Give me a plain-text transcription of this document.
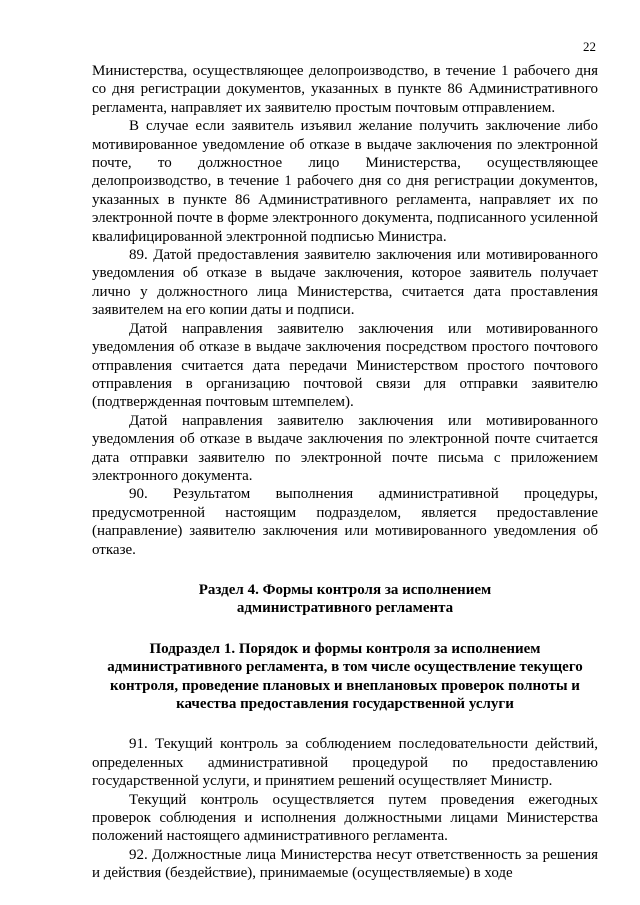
22

Министерства, осуществляющее делопроизводство, в течение 1 рабочего дня со дня регистрации документов, указанных в пункте 86 Административного регламента, направляет их заявителю простым почтовым отправлением.

В случае если заявитель изъявил желание получить заключение либо мотивированное уведомление об отказе в выдаче заключения по электронной почте, то должностное лицо Министерства, осуществляющее делопроизводство, в течение 1 рабочего дня со дня регистрации документов, указанных в пункте 86 Административного регламента, направляет их по электронной почте в форме электронного документа, подписанного усиленной квалифицированной электронной подписью Министра.

89. Датой предоставления заявителю заключения или мотивированного уведомления об отказе в выдаче заключения, которое заявитель получает лично у должностного лица Министерства, считается дата проставления заявителем на его копии даты и подписи.

Датой направления заявителю заключения или мотивированного уведомления об отказе в выдаче заключения посредством простого почтового отправления считается дата передачи Министерством простого почтового отправления в организацию почтовой связи для отправки заявителю (подтвержденная почтовым штемпелем).

Датой направления заявителю заключения или мотивированного уведомления об отказе в выдаче заключения по электронной почте считается дата отправки заявителю по электронной почте письма с приложением электронного документа.

90. Результатом выполнения административной процедуры, предусмотренной настоящим подразделом, является предоставление (направление) заявителю заключения или мотивированного уведомления об отказе.

Раздел 4. Формы контроля за исполнением
административного регламента
Подраздел 1. Порядок и формы контроля за исполнением
административного регламента, в том числе осуществление текущего
контроля, проведение плановых и внеплановых проверок полноты и
качества предоставления государственной услуги

91. Текущий контроль за соблюдением последовательности действий, определенных административной процедурой по предоставлению государственной услуги, и принятием решений осуществляет Министр.

Текущий контроль осуществляется путем проведения ежегодных проверок соблюдения и исполнения должностными лицами Министерства положений настоящего административного регламента.

92. Должностные лица Министерства несут ответственность за решения и действия (бездействие), принимаемые (осуществляемые) в ходе
